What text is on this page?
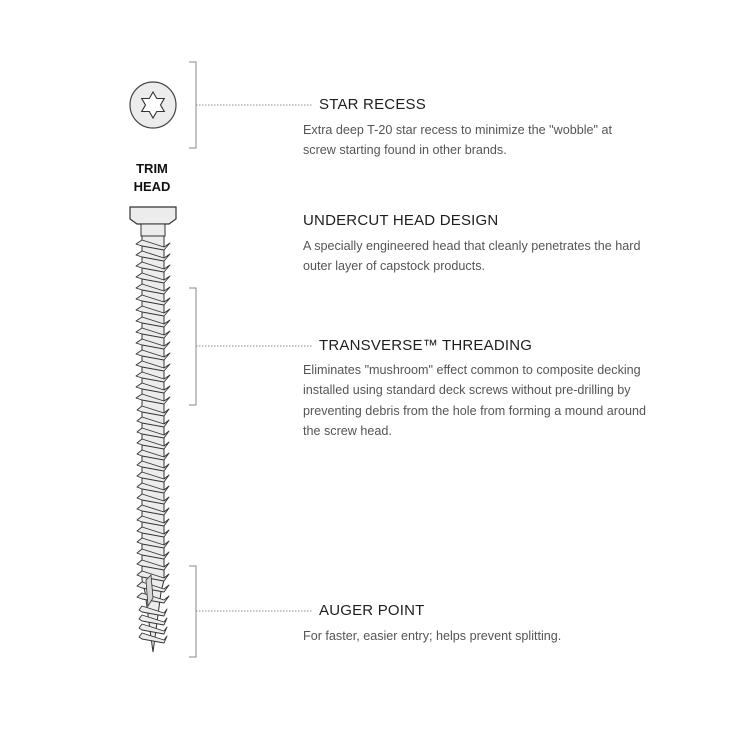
TRIM
HEAD
STAR RECESS
Extra deep T-20 star recess to minimize the "wobble" at screw starting found in other brands.
UNDERCUT HEAD DESIGN
A specially engineered head that cleanly penetrates the hard outer layer of capstock products.
TRANSVERSE™ THREADING
Eliminates "mushroom" effect common to composite decking installed using standard deck screws without pre-drilling by preventing debris from the hole from forming a mound around the screw head.
AUGER POINT
For faster, easier entry; helps prevent splitting.
